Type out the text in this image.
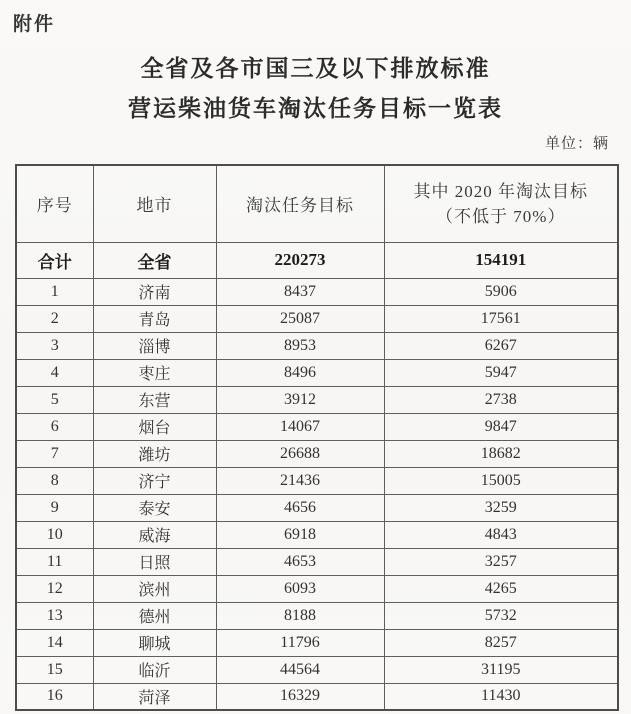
附件
全省及各市国三及以下排放标准
营运柴油货车淘汰任务目标一览表
单位：辆
序号	地市	淘汰任务目标	其中 2020 年淘汰目标
（不低于 70%）

合计	全省	220273	154191
1	济南	8437	5906
2	青岛	25087	17561
3	淄博	8953	6267
4	枣庄	8496	5947
5	东营	3912	2738
6	烟台	14067	9847
7	潍坊	26688	18682
8	济宁	21436	15005
9	泰安	4656	3259
10	威海	6918	4843
11	日照	4653	3257
12	滨州	6093	4265
13	德州	8188	5732
14	聊城	11796	8257
15	临沂	44564	31195
16	菏泽	16329	11430
